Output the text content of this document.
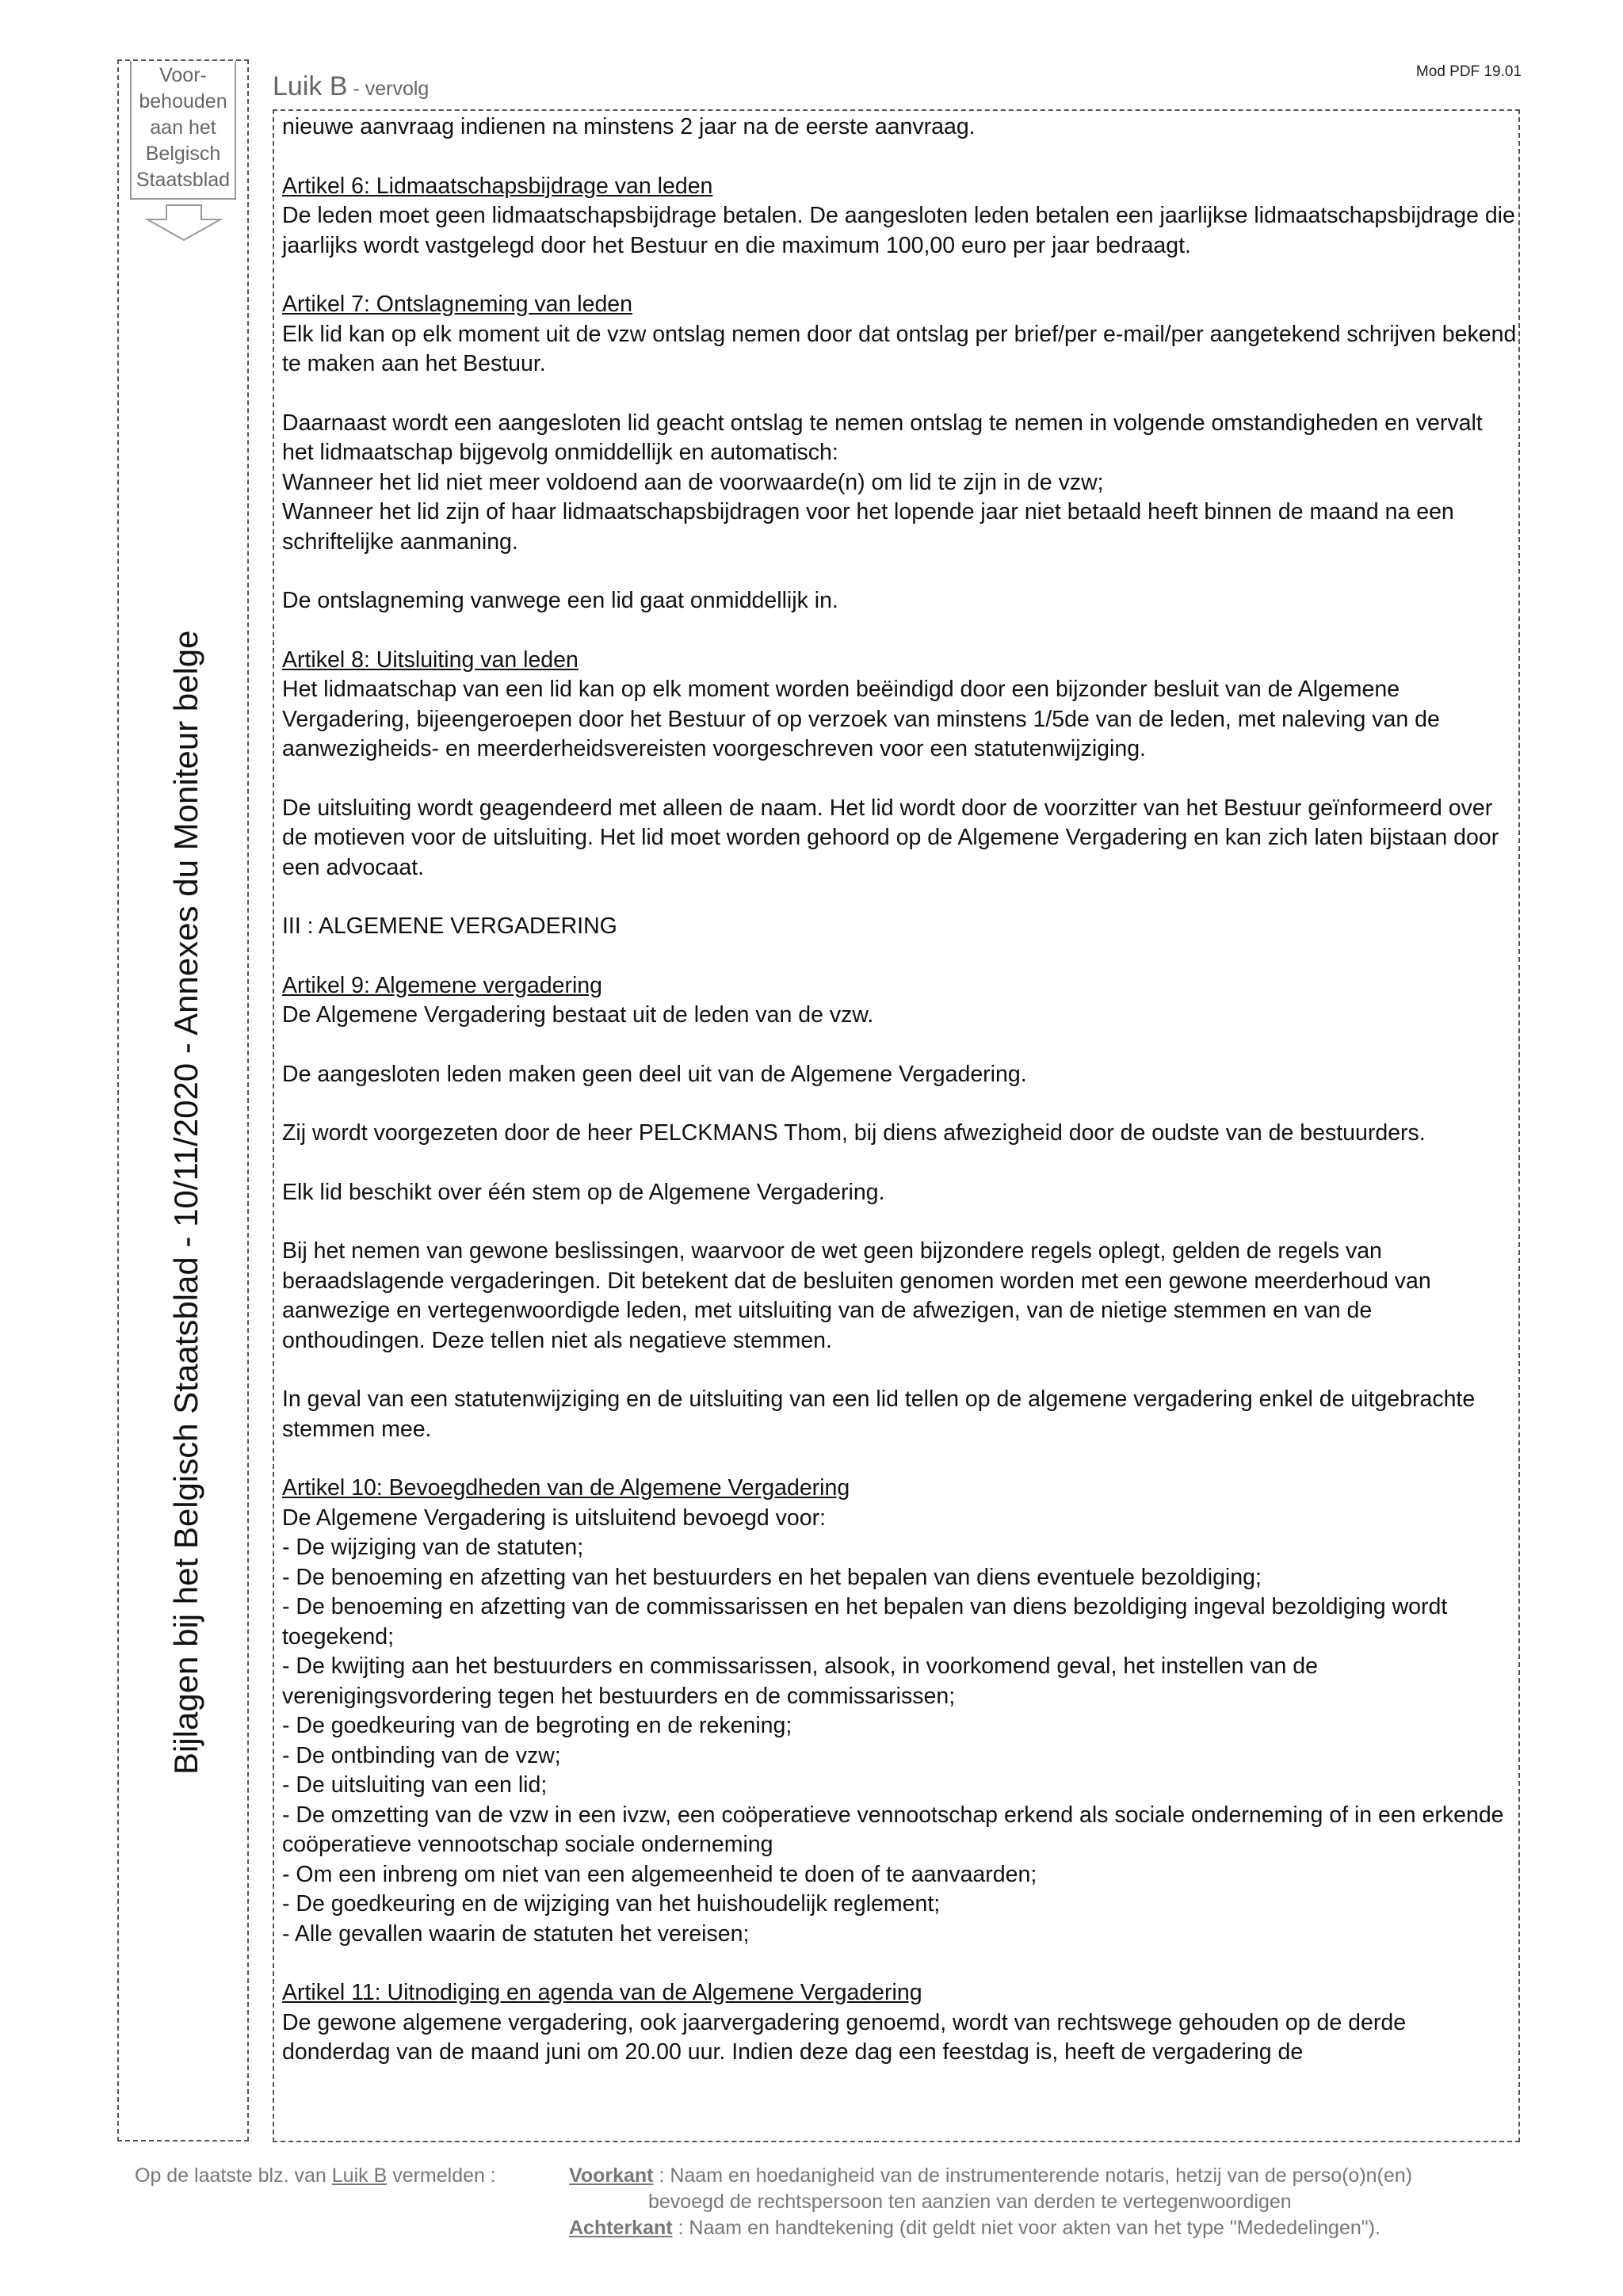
Voor-
behouden
aan het
Belgisch
Staatsblad
Bijlagen bij het Belgisch Staatsblad - 10/11/2020 - Annexes du Moniteur belge
Luik B - vervolg
Mod PDF 19.01

nieuwe aanvraag indienen na minstens 2 jaar na de eerste aanvraag.

Artikel 6: Lidmaatschapsbijdrage van leden
De leden moet geen lidmaatschapsbijdrage betalen. De aangesloten leden betalen een jaarlijkse lidmaatschapsbijdrage die jaarlijks wordt vastgelegd door het Bestuur en die maximum 100,00 euro per jaar bedraagt.

Artikel 7: Ontslagneming van leden
Elk lid kan op elk moment uit de vzw ontslag nemen door dat ontslag per brief/per e-mail/per aangetekend schrijven bekend te maken aan het Bestuur.

Daarnaast wordt een aangesloten lid geacht ontslag te nemen ontslag te nemen in volgende omstandigheden en vervalt het lidmaatschap bijgevolg onmiddellijk en automatisch:
Wanneer het lid niet meer voldoend aan de voorwaarde(n) om lid te zijn in de vzw;
Wanneer het lid zijn of haar lidmaatschapsbijdragen voor het lopende jaar niet betaald heeft binnen de maand na een schriftelijke aanmaning.

De ontslagneming vanwege een lid gaat onmiddellijk in.

Artikel 8: Uitsluiting van leden
Het lidmaatschap van een lid kan op elk moment worden beëindigd door een bijzonder besluit van de Algemene Vergadering, bijeengeroepen door het Bestuur of op verzoek van minstens 1/5de van de leden, met naleving van de aanwezigheids- en meerderheidsvereisten voorgeschreven voor een statutenwijziging.

De uitsluiting wordt geagendeerd met alleen de naam. Het lid wordt door de voorzitter van het Bestuur geïnformeerd over de motieven voor de uitsluiting. Het lid moet worden gehoord op de Algemene Vergadering en kan zich laten bijstaan door een advocaat.

III : ALGEMENE VERGADERING

Artikel 9: Algemene vergadering
De Algemene Vergadering bestaat uit de leden van de vzw.

De aangesloten leden maken geen deel uit van de Algemene Vergadering.

Zij wordt voorgezeten door de heer PELCKMANS Thom, bij diens afwezigheid door de oudste van de bestuurders.

Elk lid beschikt over één stem op de Algemene Vergadering.

Bij het nemen van gewone beslissingen, waarvoor de wet geen bijzondere regels oplegt, gelden de regels van beraadslagende vergaderingen. Dit betekent dat de besluiten genomen worden met een gewone meerderhoud van aanwezige en vertegenwoordigde leden, met uitsluiting van de afwezigen, van de nietige stemmen en van de onthoudingen. Deze tellen niet als negatieve stemmen.

In geval van een statutenwijziging en de uitsluiting van een lid tellen op de algemene vergadering enkel de uitgebrachte stemmen mee.

Artikel 10: Bevoegdheden van de Algemene Vergadering
De Algemene Vergadering is uitsluitend bevoegd voor:
- De wijziging van de statuten;
- De benoeming en afzetting van het bestuurders en het bepalen van diens eventuele bezoldiging;
- De benoeming en afzetting van de commissarissen en het bepalen van diens bezoldiging ingeval bezoldiging wordt toegekend;
- De kwijting aan het bestuurders en commissarissen, alsook, in voorkomend geval, het instellen van de verenigingsvordering tegen het bestuurders en de commissarissen;
- De goedkeuring van de begroting en de rekening;
- De ontbinding van de vzw;
- De uitsluiting van een lid;
- De omzetting van de vzw in een ivzw, een coöperatieve vennootschap erkend als sociale onderneming of in een erkende coöperatieve vennootschap sociale onderneming
- Om een inbreng om niet van een algemeenheid te doen of te aanvaarden;
- De goedkeuring en de wijziging van het huishoudelijk reglement;
- Alle gevallen waarin de statuten het vereisen;

Artikel 11: Uitnodiging en agenda van de Algemene Vergadering
De gewone algemene vergadering, ook jaarvergadering genoemd, wordt van rechtswege gehouden op de derde donderdag van de maand juni om 20.00 uur. Indien deze dag een feestdag is, heeft de vergadering de

Op de laatste blz. van Luik B vermelden :	Voorkant : Naam en hoedanigheid van de instrumenterende notaris, hetzij van de perso(o)n(en)
bevoegd de rechtspersoon ten aanzien van derden te vertegenwoordigen
Achterkant : Naam en handtekening (dit geldt niet voor akten van het type "Mededelingen").
